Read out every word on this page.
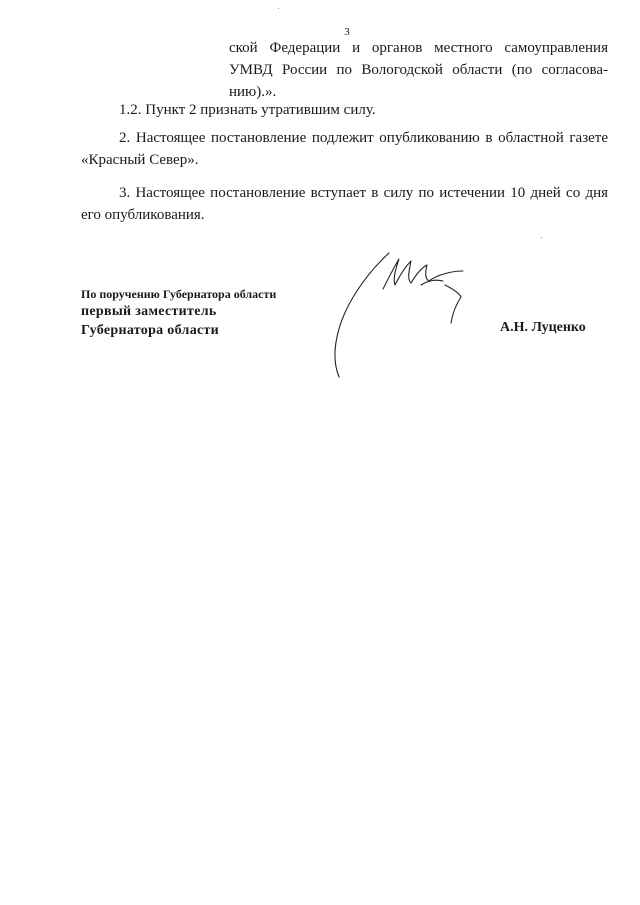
3
ской Федерации и органов местного самоуправления
УМВД России по Вологодской области (по согласова-
нию).».

1.2. Пункт 2 признать утратившим силу.

2. Настоящее постановление подлежит опубликованию в областной газете
«Красный Север».
3. Настоящее постановление вступает в силу по истечении 10 дней со дня
его опубликования.
По поручению Губернатора области
первый заместитель
Губернатора области	А.Н. Луценко
